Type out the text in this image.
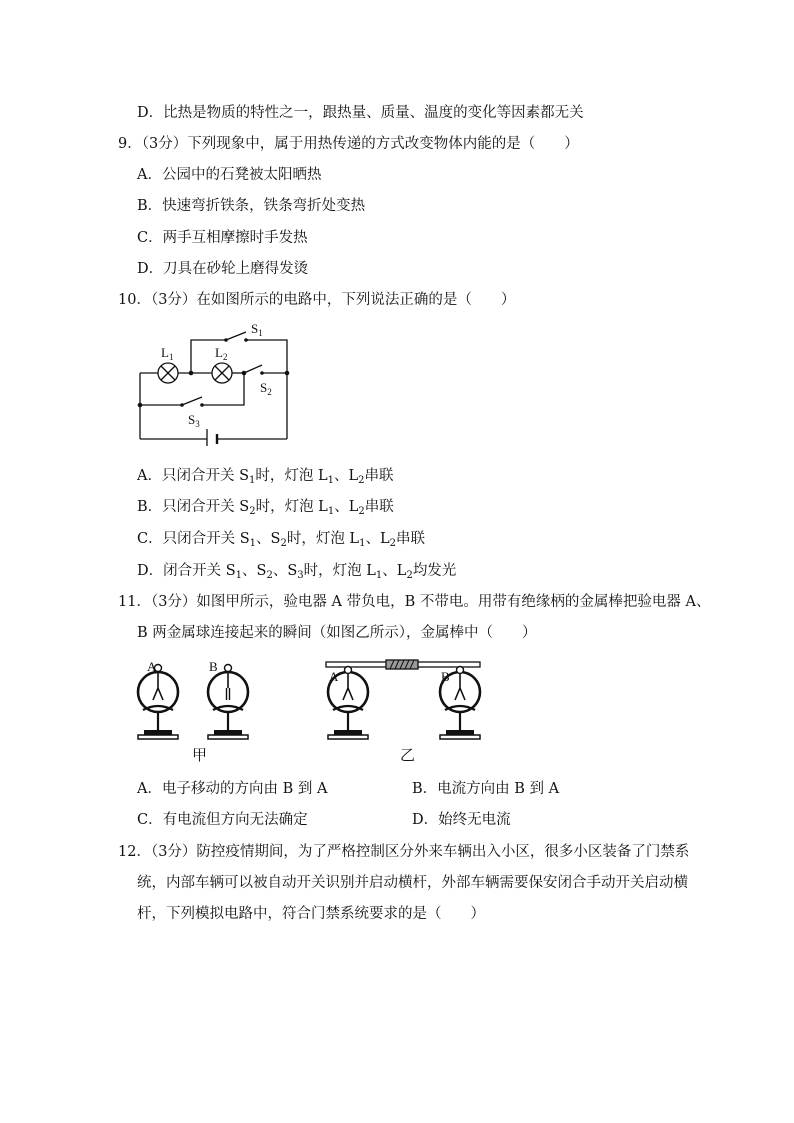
D．比热是物质的特性之一，跟热量、质量、温度的变化等因素都无关
9．（3分）下列现象中，属于用热传递的方式改变物体内能的是（　　）
A．公园中的石凳被太阳晒热
B．快速弯折铁条，铁条弯折处变热
C．两手互相摩擦时手发热
D．刀具在砂轮上磨得发烫
10．（3分）在如图所示的电路中，下列说法正确的是（　　）
$L_1$	$L_2$
$S_1$
$S_2$
$S_3$
A．只闭合开关 $S_1$时，灯泡 $L_1$、$L_2$串联
B．只闭合开关 $S_2$时，灯泡 $L_1$、$L_2$串联
C．只闭合开关 $S_1$、$S_2$时，灯泡 $L_1$、$L_2$串联
D．闭合开关 $S_1$、$S_2$、$S_3$时，灯泡 $L_1$、$L_2$均发光
11．（3分）如图甲所示，验电器 A 带负电，B 不带电。用带有绝缘柄的金属棒把验电器 A、
B 两金属球连接起来的瞬间（如图乙所示），金属棒中（　　）
A	B
甲
A	B
乙
A．电子移动的方向由 B 到 A	B．电流方向由 B 到 A
C．有电流但方向无法确定	D．始终无电流
12．（3分）防控疫情期间，为了严格控制区分外来车辆出入小区，很多小区装备了门禁系
统，内部车辆可以被自动开关识别并启动横杆，外部车辆需要保安闭合手动开关启动横
杆，下列模拟电路中，符合门禁系统要求的是（　　）
